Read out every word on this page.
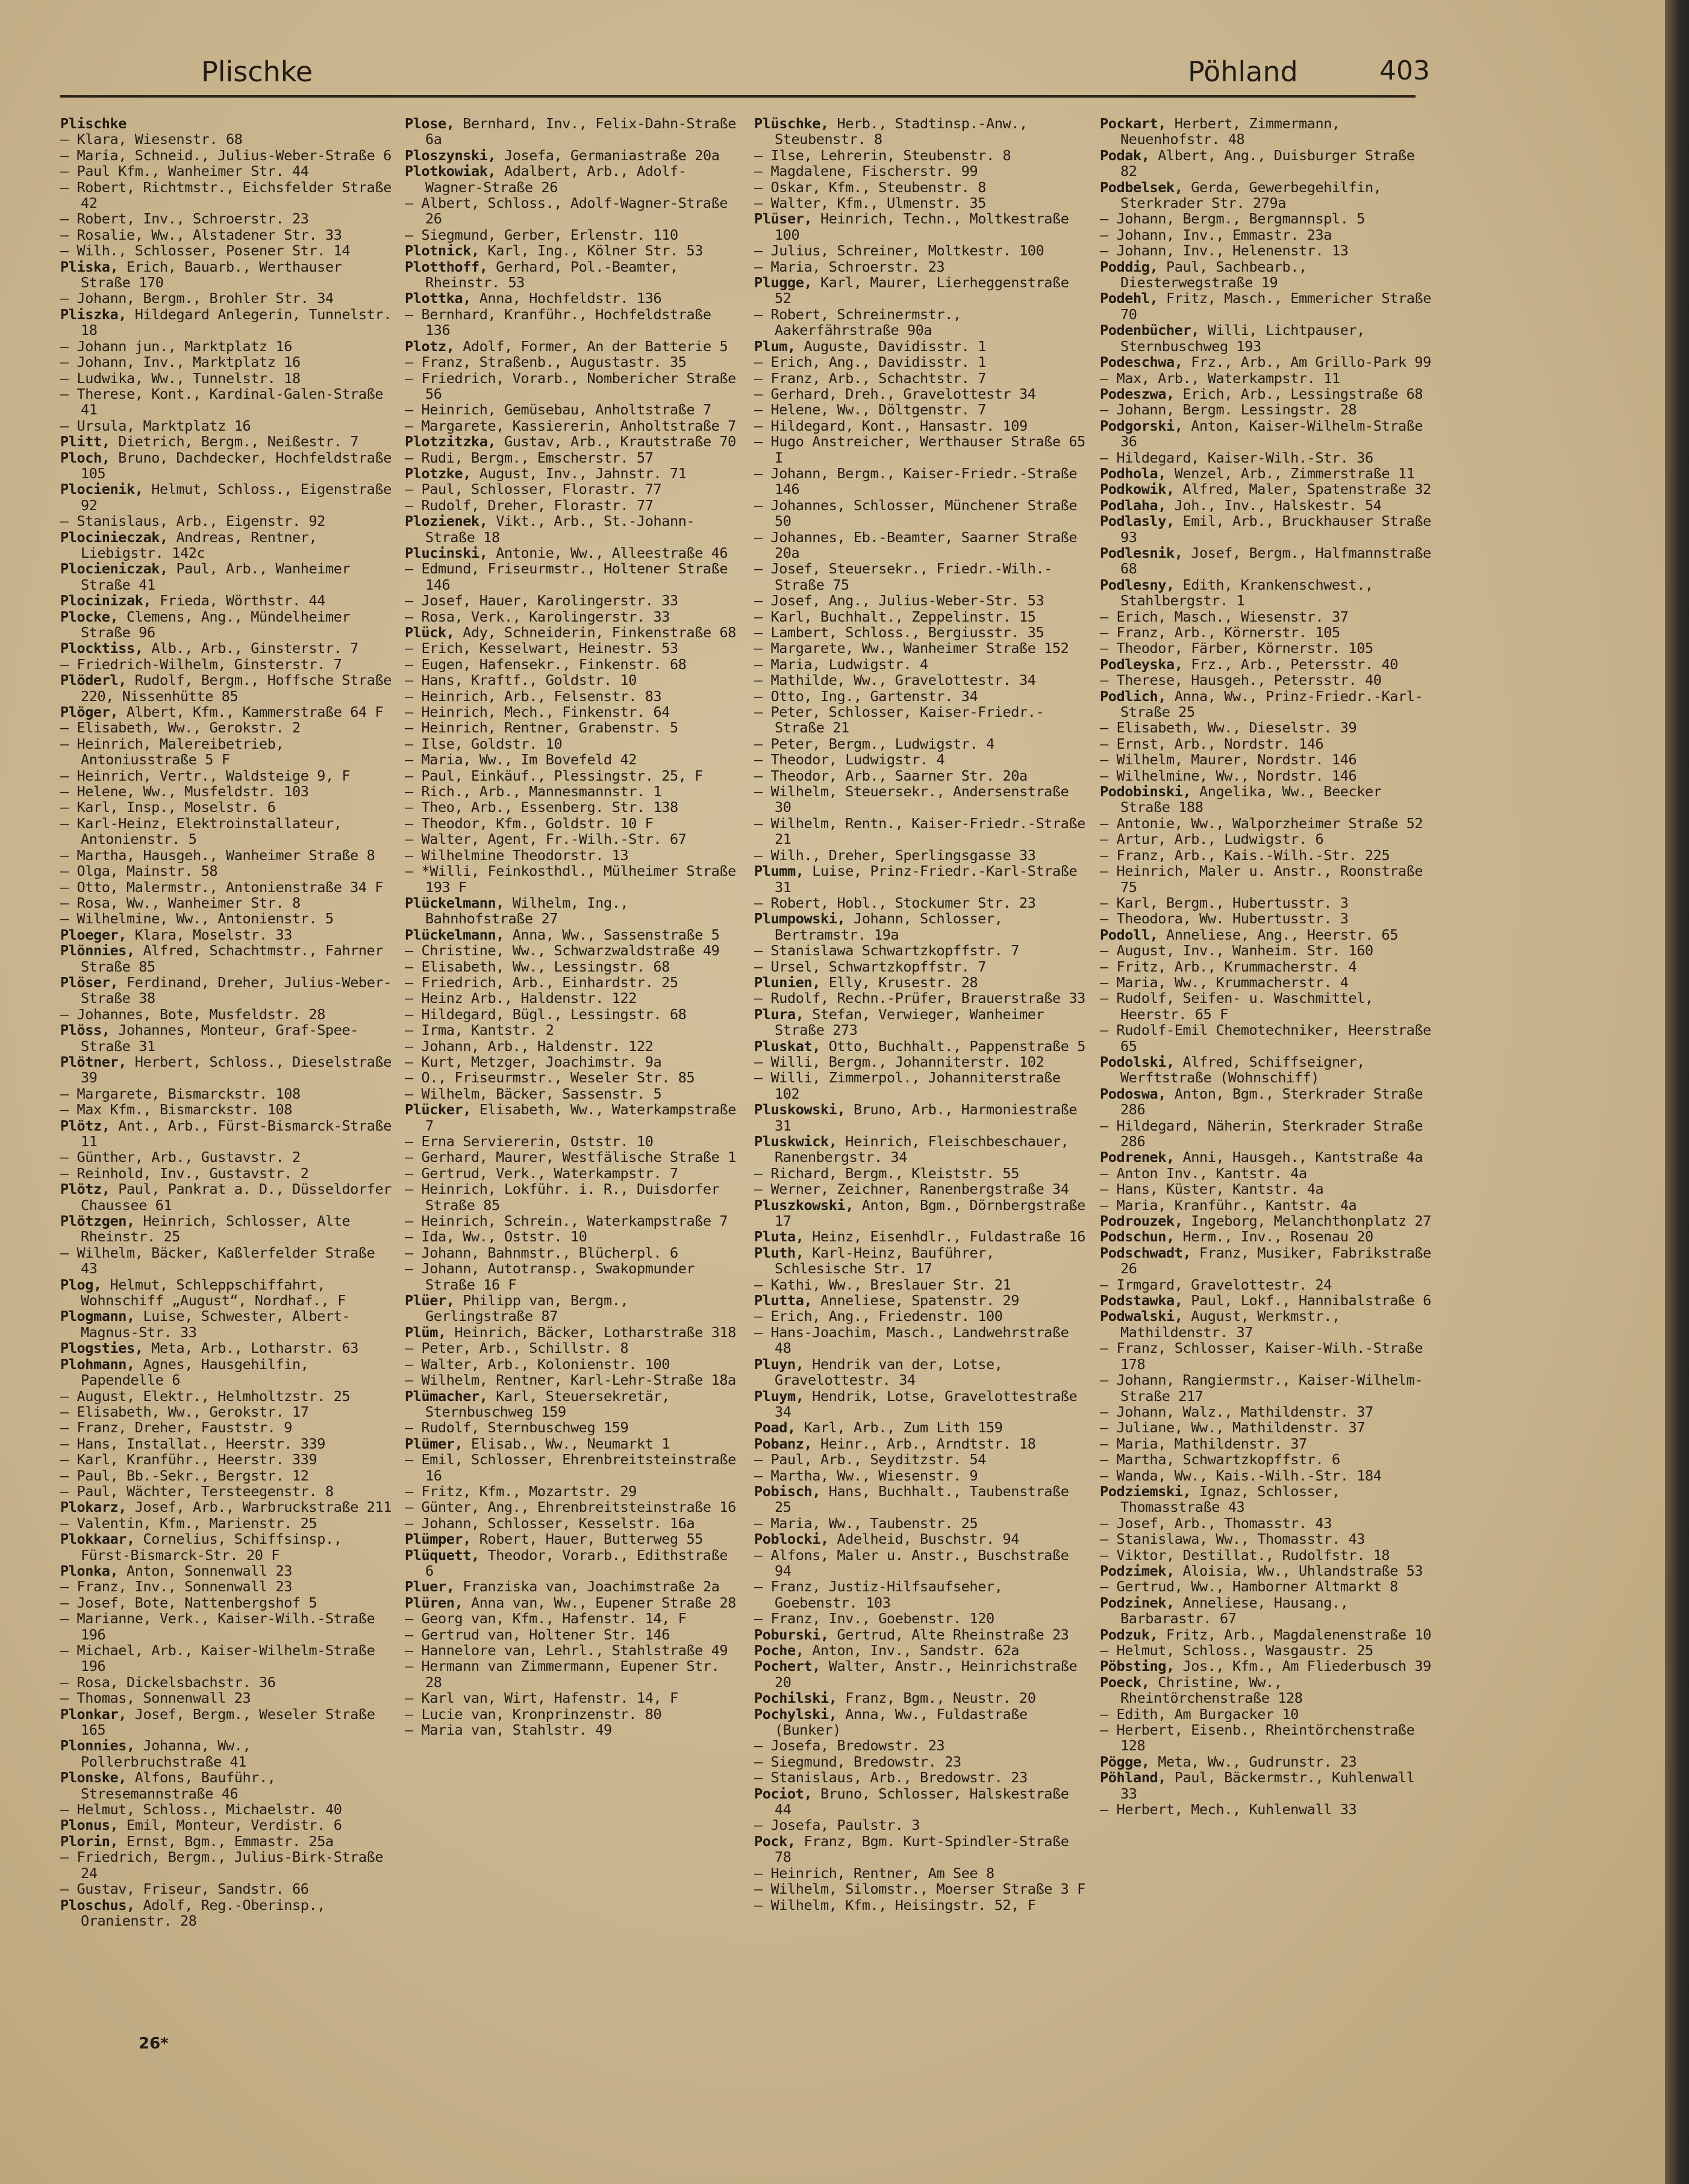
Plischke	Pöhland	403
Plischke
— Klara, Wiesenstr. 68
— Maria, Schneid., Julius-Weber-Straße 6
— Paul Kfm., Wanheimer Str. 44
— Robert, Richtmstr., Eichsfelder Straße 42
— Robert, Inv., Schroerstr. 23
— Rosalie, Ww., Alstadener Str. 33
— Wilh., Schlosser, Posener Str. 14
Pliska, Erich, Bauarb., Werthauser Straße 170
— Johann, Bergm., Brohler Str. 34
Pliszka, Hildegard Anlegerin, Tunnelstr. 18
— Johann jun., Marktplatz 16
— Johann, Inv., Marktplatz 16
— Ludwika, Ww., Tunnelstr. 18
— Therese, Kont., Kardinal-Galen-Straße 41
— Ursula, Marktplatz 16
Plitt, Dietrich, Bergm., Neißestr. 7
Ploch, Bruno, Dachdecker, Hochfeldstraße 105
Plocienik, Helmut, Schloss., Eigenstraße 92
— Stanislaus, Arb., Eigenstr. 92
Plocinieczak, Andreas, Rentner, Liebigstr. 142c
Plocieniczak, Paul, Arb., Wanheimer Straße 41
Plocinizak, Frieda, Wörthstr. 44
Plocke, Clemens, Ang., Mündelheimer Straße 96
Plocktiss, Alb., Arb., Ginsterstr. 7
— Friedrich-Wilhelm, Ginsterstr. 7
Plöderl, Rudolf, Bergm., Hoffsche Straße 220, Nissenhütte 85
Plöger, Albert, Kfm., Kammerstraße 64 F
— Elisabeth, Ww., Gerokstr. 2
— Heinrich, Malereibetrieb, Antoniusstraße 5 F
— Heinrich, Vertr., Waldsteige 9, F
— Helene, Ww., Musfeldstr. 103
— Karl, Insp., Moselstr. 6
— Karl-Heinz, Elektroinstallateur, Antonienstr. 5
— Martha, Hausgeh., Wanheimer Straße 8
— Olga, Mainstr. 58
— Otto, Malermstr., Antonienstraße 34 F
— Rosa, Ww., Wanheimer Str. 8
— Wilhelmine, Ww., Antonienstr. 5
Ploeger, Klara, Moselstr. 33
Plönnies, Alfred, Schachtmstr., Fahrner Straße 85
Plöser, Ferdinand, Dreher, Julius-Weber-Straße 38
— Johannes, Bote, Musfeldstr. 28
Plöss, Johannes, Monteur, Graf-Spee-Straße 31
Plötner, Herbert, Schloss., Dieselstraße 39
— Margarete, Bismarckstr. 108
— Max Kfm., Bismarckstr. 108
Plötz, Ant., Arb., Fürst-Bismarck-Straße 11
— Günther, Arb., Gustavstr. 2
— Reinhold, Inv., Gustavstr. 2
Plötz, Paul, Pankrat a. D., Düsseldorfer Chaussee 61
Plötzgen, Heinrich, Schlosser, Alte Rheinstr. 25
— Wilhelm, Bäcker, Kaßlerfelder Straße 43
Plog, Helmut, Schleppschiffahrt, Wohnschiff „August“, Nordhaf., F
Plogmann, Luise, Schwester, Albert-Magnus-Str. 33
Plogsties, Meta, Arb., Lotharstr. 63
Plohmann, Agnes, Hausgehilfin, Papendelle 6
— August, Elektr., Helmholtzstr. 25
— Elisabeth, Ww., Gerokstr. 17
— Franz, Dreher, Fauststr. 9
— Hans, Installat., Heerstr. 339
— Karl, Kranführ., Heerstr. 339
— Paul, Bb.-Sekr., Bergstr. 12
— Paul, Wächter, Tersteegenstr. 8
Plokarz, Josef, Arb., Warbruckstraße 211
— Valentin, Kfm., Marienstr. 25
Plokkaar, Cornelius, Schiffsinsp., Fürst-Bismarck-Str. 20 F
Plonka, Anton, Sonnenwall 23
— Franz, Inv., Sonnenwall 23
— Josef, Bote, Nattenbergshof 5
— Marianne, Verk., Kaiser-Wilh.-Straße 196
— Michael, Arb., Kaiser-Wilhelm-Straße 196
— Rosa, Dickelsbachstr. 36
— Thomas, Sonnenwall 23
Plonkar, Josef, Bergm., Weseler Straße 165
Plonnies, Johanna, Ww., Pollerbruchstraße 41
Plonske, Alfons, Bauführ., Stresemannstraße 46
— Helmut, Schloss., Michaelstr. 40
Plonus, Emil, Monteur, Verdistr. 6
Plorin, Ernst, Bgm., Emmastr. 25a
— Friedrich, Bergm., Julius-Birk-Straße 24
— Gustav, Friseur, Sandstr. 66
Ploschus, Adolf, Reg.-Oberinsp., Oranienstr. 28
Plose, Bernhard, Inv., Felix-Dahn-Straße 6a
Ploszynski, Josefa, Germaniastraße 20a
Plotkowiak, Adalbert, Arb., Adolf-Wagner-Straße 26
— Albert, Schloss., Adolf-Wagner-Straße 26
— Siegmund, Gerber, Erlenstr. 110
Plotnick, Karl, Ing., Kölner Str. 53
Plotthoff, Gerhard, Pol.-Beamter, Rheinstr. 53
Plottka, Anna, Hochfeldstr. 136
— Bernhard, Kranführ., Hochfeldstraße 136
Plotz, Adolf, Former, An der Batterie 5
— Franz, Straßenb., Augustastr. 35
— Friedrich, Vorarb., Nombericher Straße 56
— Heinrich, Gemüsebau, Anholtstraße 7
— Margarete, Kassiererin, Anholtstraße 7
Plotzitzka, Gustav, Arb., Krautstraße 70
— Rudi, Bergm., Emscherstr. 57
Plotzke, August, Inv., Jahnstr. 71
— Paul, Schlosser, Florastr. 77
— Rudolf, Dreher, Florastr. 77
Plozienek, Vikt., Arb., St.-Johann-Straße 18
Plucinski, Antonie, Ww., Alleestraße 46
— Edmund, Friseurmstr., Holtener Straße 146
— Josef, Hauer, Karolingerstr. 33
— Rosa, Verk., Karolingerstr. 33
Plück, Ady, Schneiderin, Finkenstraße 68
— Erich, Kesselwart, Heinestr. 53
— Eugen, Hafensekr., Finkenstr. 68
— Hans, Kraftf., Goldstr. 10
— Heinrich, Arb., Felsenstr. 83
— Heinrich, Mech., Finkenstr. 64
— Heinrich, Rentner, Grabenstr. 5
— Ilse, Goldstr. 10
— Maria, Ww., Im Bovefeld 42
— Paul, Einkäuf., Plessingstr. 25, F
— Rich., Arb., Mannesmannstr. 1
— Theo, Arb., Essenberg. Str. 138
— Theodor, Kfm., Goldstr. 10 F
— Walter, Agent, Fr.-Wilh.-Str. 67
— Wilhelmine Theodorstr. 13
— *Willi, Feinkosthdl., Mülheimer Straße 193 F
Plückelmann, Wilhelm, Ing., Bahnhofstraße 27
Plückelmann, Anna, Ww., Sassenstraße 5
— Christine, Ww., Schwarzwaldstraße 49
— Elisabeth, Ww., Lessingstr. 68
— Friedrich, Arb., Einhardstr. 25
— Heinz Arb., Haldenstr. 122
— Hildegard, Bügl., Lessingstr. 68
— Irma, Kantstr. 2
— Johann, Arb., Haldenstr. 122
— Kurt, Metzger, Joachimstr. 9a
— O., Friseurmstr., Weseler Str. 85
— Wilhelm, Bäcker, Sassenstr. 5
Plücker, Elisabeth, Ww., Waterkampstraße 7
— Erna Serviererin, Oststr. 10
— Gerhard, Maurer, Westfälische Straße 1
— Gertrud, Verk., Waterkampstr. 7
— Heinrich, Lokführ. i. R., Duisdorfer Straße 85
— Heinrich, Schrein., Waterkampstraße 7
— Ida, Ww., Oststr. 10
— Johann, Bahnmstr., Blücherpl. 6
— Johann, Autotransp., Swakopmunder Straße 16 F
Plüer, Philipp van, Bergm., Gerlingstraße 87
Plüm, Heinrich, Bäcker, Lotharstraße 318
— Peter, Arb., Schillstr. 8
— Walter, Arb., Kolonienstr. 100
— Wilhelm, Rentner, Karl-Lehr-Straße 18a
Plümacher, Karl, Steuersekretär, Sternbuschweg 159
— Rudolf, Sternbuschweg 159
Plümer, Elisab., Ww., Neumarkt 1
— Emil, Schlosser, Ehrenbreitsteinstraße 16
— Fritz, Kfm., Mozartstr. 29
— Günter, Ang., Ehrenbreitsteinstraße 16
— Johann, Schlosser, Kesselstr. 16a
Plümper, Robert, Hauer, Butterweg 55
Plüquett, Theodor, Vorarb., Edithstraße 6
Pluer, Franziska van, Joachimstraße 2a
Plüren, Anna van, Ww., Eupener Straße 28
— Georg van, Kfm., Hafenstr. 14, F
— Gertrud van, Holtener Str. 146
— Hannelore van, Lehrl., Stahlstraße 49
— Hermann van Zimmermann, Eupener Str. 28
— Karl van, Wirt, Hafenstr. 14, F
— Lucie van, Kronprinzenstr. 80
— Maria van, Stahlstr. 49
Plüschke, Herb., Stadtinsp.-Anw., Steubenstr. 8
— Ilse, Lehrerin, Steubenstr. 8
— Magdalene, Fischerstr. 99
— Oskar, Kfm., Steubenstr. 8
— Walter, Kfm., Ulmenstr. 35
Plüser, Heinrich, Techn., Moltkestraße 100
— Julius, Schreiner, Moltkestr. 100
— Maria, Schroerstr. 23
Plugge, Karl, Maurer, Lierheggenstraße 52
— Robert, Schreinermstr., Aakerfährstraße 90a
Plum, Auguste, Davidisstr. 1
— Erich, Ang., Davidisstr. 1
— Franz, Arb., Schachtstr. 7
— Gerhard, Dreh., Gravelottestr 34
— Helene, Ww., Döltgenstr. 7
— Hildegard, Kont., Hansastr. 109
— Hugo Anstreicher, Werthauser Straße 65 I
— Johann, Bergm., Kaiser-Friedr.-Straße 146
— Johannes, Schlosser, Münchener Straße 50
— Johannes, Eb.-Beamter, Saarner Straße 20a
— Josef, Steuersekr., Friedr.-Wilh.-Straße 75
— Josef, Ang., Julius-Weber-Str. 53
— Karl, Buchhalt., Zeppelinstr. 15
— Lambert, Schloss., Bergiusstr. 35
— Margarete, Ww., Wanheimer Straße 152
— Maria, Ludwigstr. 4
— Mathilde, Ww., Gravelottestr. 34
— Otto, Ing., Gartenstr. 34
— Peter, Schlosser, Kaiser-Friedr.-Straße 21
— Peter, Bergm., Ludwigstr. 4
— Theodor, Ludwigstr. 4
— Theodor, Arb., Saarner Str. 20a
— Wilhelm, Steuersekr., Andersenstraße 30
— Wilhelm, Rentn., Kaiser-Friedr.-Straße 21
— Wilh., Dreher, Sperlingsgasse 33
Plumm, Luise, Prinz-Friedr.-Karl-Straße 31
— Robert, Hobl., Stockumer Str. 23
Plumpowski, Johann, Schlosser, Bertramstr. 19a
— Stanislawa Schwartzkopffstr. 7
— Ursel, Schwartzkopffstr. 7
Plunien, Elly, Krusestr. 28
— Rudolf, Rechn.-Prüfer, Brauerstraße 33
Plura, Stefan, Verwieger, Wanheimer Straße 273
Pluskat, Otto, Buchhalt., Pappenstraße 5
— Willi, Bergm., Johanniterstr. 102
— Willi, Zimmerpol., Johanniterstraße 102
Pluskowski, Bruno, Arb., Harmoniestraße 31
Pluskwick, Heinrich, Fleischbeschauer, Ranenbergstr. 34
— Richard, Bergm., Kleiststr. 55
— Werner, Zeichner, Ranenbergstraße 34
Pluszkowski, Anton, Bgm., Dörnbergstraße 17
Pluta, Heinz, Eisenhdlr., Fuldastraße 16
Pluth, Karl-Heinz, Bauführer, Schlesische Str. 17
— Kathi, Ww., Breslauer Str. 21
Plutta, Anneliese, Spatenstr. 29
— Erich, Ang., Friedenstr. 100
— Hans-Joachim, Masch., Landwehrstraße 48
Pluyn, Hendrik van der, Lotse, Gravelottestr. 34
Pluym, Hendrik, Lotse, Gravelottestraße 34
Poad, Karl, Arb., Zum Lith 159
Pobanz, Heinr., Arb., Arndtstr. 18
— Paul, Arb., Seyditzstr. 54
— Martha, Ww., Wiesenstr. 9
Pobisch, Hans, Buchhalt., Taubenstraße 25
— Maria, Ww., Taubenstr. 25
Poblocki, Adelheid, Buschstr. 94
— Alfons, Maler u. Anstr., Buschstraße 94
— Franz, Justiz-Hilfsaufseher, Goebenstr. 103
— Franz, Inv., Goebenstr. 120
Poburski, Gertrud, Alte Rheinstraße 23
Poche, Anton, Inv., Sandstr. 62a
Pochert, Walter, Anstr., Heinrichstraße 20
Pochilski, Franz, Bgm., Neustr. 20
Pochylski, Anna, Ww., Fuldastraße (Bunker)
— Josefa, Bredowstr. 23
— Siegmund, Bredowstr. 23
— Stanislaus, Arb., Bredowstr. 23
Pociot, Bruno, Schlosser, Halskestraße 44
— Josefa, Paulstr. 3
Pock, Franz, Bgm. Kurt-Spindler-Straße 78
— Heinrich, Rentner, Am See 8
— Wilhelm, Silomstr., Moerser Straße 3 F
— Wilhelm, Kfm., Heisingstr. 52, F
Pockart, Herbert, Zimmermann, Neuenhofstr. 48
Podak, Albert, Ang., Duisburger Straße 82
Podbelsek, Gerda, Gewerbegehilfin, Sterkrader Str. 279a
— Johann, Bergm., Bergmannspl. 5
— Johann, Inv., Emmastr. 23a
— Johann, Inv., Helenenstr. 13
Poddig, Paul, Sachbearb., Diesterwegstraße 19
Podehl, Fritz, Masch., Emmericher Straße 70
Podenbücher, Willi, Lichtpauser, Sternbuschweg 193
Podeschwa, Frz., Arb., Am Grillo-Park 99
— Max, Arb., Waterkampstr. 11
Podeszwa, Erich, Arb., Lessingstraße 68
— Johann, Bergm. Lessingstr. 28
Podgorski, Anton, Kaiser-Wilhelm-Straße 36
— Hildegard, Kaiser-Wilh.-Str. 36
Podhola, Wenzel, Arb., Zimmerstraße 11
Podkowik, Alfred, Maler, Spatenstraße 32
Podlaha, Joh., Inv., Halskestr. 54
Podlasly, Emil, Arb., Bruckhauser Straße 93
Podlesnik, Josef, Bergm., Halfmannstraße 68
Podlesny, Edith, Krankenschwest., Stahlbergstr. 1
— Erich, Masch., Wiesenstr. 37
— Franz, Arb., Körnerstr. 105
— Theodor, Färber, Körnerstr. 105
Podleyska, Frz., Arb., Petersstr. 40
— Therese, Hausgeh., Petersstr. 40
Podlich, Anna, Ww., Prinz-Friedr.-Karl-Straße 25
— Elisabeth, Ww., Dieselstr. 39
— Ernst, Arb., Nordstr. 146
— Wilhelm, Maurer, Nordstr. 146
— Wilhelmine, Ww., Nordstr. 146
Podobinski, Angelika, Ww., Beecker Straße 188
— Antonie, Ww., Walporzheimer Straße 52
— Artur, Arb., Ludwigstr. 6
— Franz, Arb., Kais.-Wilh.-Str. 225
— Heinrich, Maler u. Anstr., Roonstraße 75
— Karl, Bergm., Hubertusstr. 3
— Theodora, Ww. Hubertusstr. 3
Podoll, Anneliese, Ang., Heerstr. 65
— August, Inv., Wanheim. Str. 160
— Fritz, Arb., Krummacherstr. 4
— Maria, Ww., Krummacherstr. 4
— Rudolf, Seifen- u. Waschmittel, Heerstr. 65 F
— Rudolf-Emil Chemotechniker, Heerstraße 65
Podolski, Alfred, Schiffseigner, Werftstraße (Wohnschiff)
Podoswa, Anton, Bgm., Sterkrader Straße 286
— Hildegard, Näherin, Sterkrader Straße 286
Podrenek, Anni, Hausgeh., Kantstraße 4a
— Anton Inv., Kantstr. 4a
— Hans, Küster, Kantstr. 4a
— Maria, Kranführ., Kantstr. 4a
Podrouzek, Ingeborg, Melanchthonplatz 27
Podschun, Herm., Inv., Rosenau 20
Podschwadt, Franz, Musiker, Fabrikstraße 26
— Irmgard, Gravelottestr. 24
Podstawka, Paul, Lokf., Hannibalstraße 6
Podwalski, August, Werkmstr., Mathildenstr. 37
— Franz, Schlosser, Kaiser-Wilh.-Straße 178
— Johann, Rangiermstr., Kaiser-Wilhelm-Straße 217
— Johann, Walz., Mathildenstr. 37
— Juliane, Ww., Mathildenstr. 37
— Maria, Mathildenstr. 37
— Martha, Schwartzkopffstr. 6
— Wanda, Ww., Kais.-Wilh.-Str. 184
Podziemski, Ignaz, Schlosser, Thomasstraße 43
— Josef, Arb., Thomasstr. 43
— Stanislawa, Ww., Thomasstr. 43
— Viktor, Destillat., Rudolfstr. 18
Podzimek, Aloisia, Ww., Uhlandstraße 53
— Gertrud, Ww., Hamborner Altmarkt 8
Podzinek, Anneliese, Hausang., Barbarastr. 67
Podzuk, Fritz, Arb., Magdalenenstraße 10
— Helmut, Schloss., Wasgaustr. 25
Pöbsting, Jos., Kfm., Am Fliederbusch 39
Poeck, Christine, Ww., Rheintörchenstraße 128
— Edith, Am Burgacker 10
— Herbert, Eisenb., Rheintörchenstraße 128
Pögge, Meta, Ww., Gudrunstr. 23
Pöhland, Paul, Bäckermstr., Kuhlenwall 33
— Herbert, Mech., Kuhlenwall 33
26*
